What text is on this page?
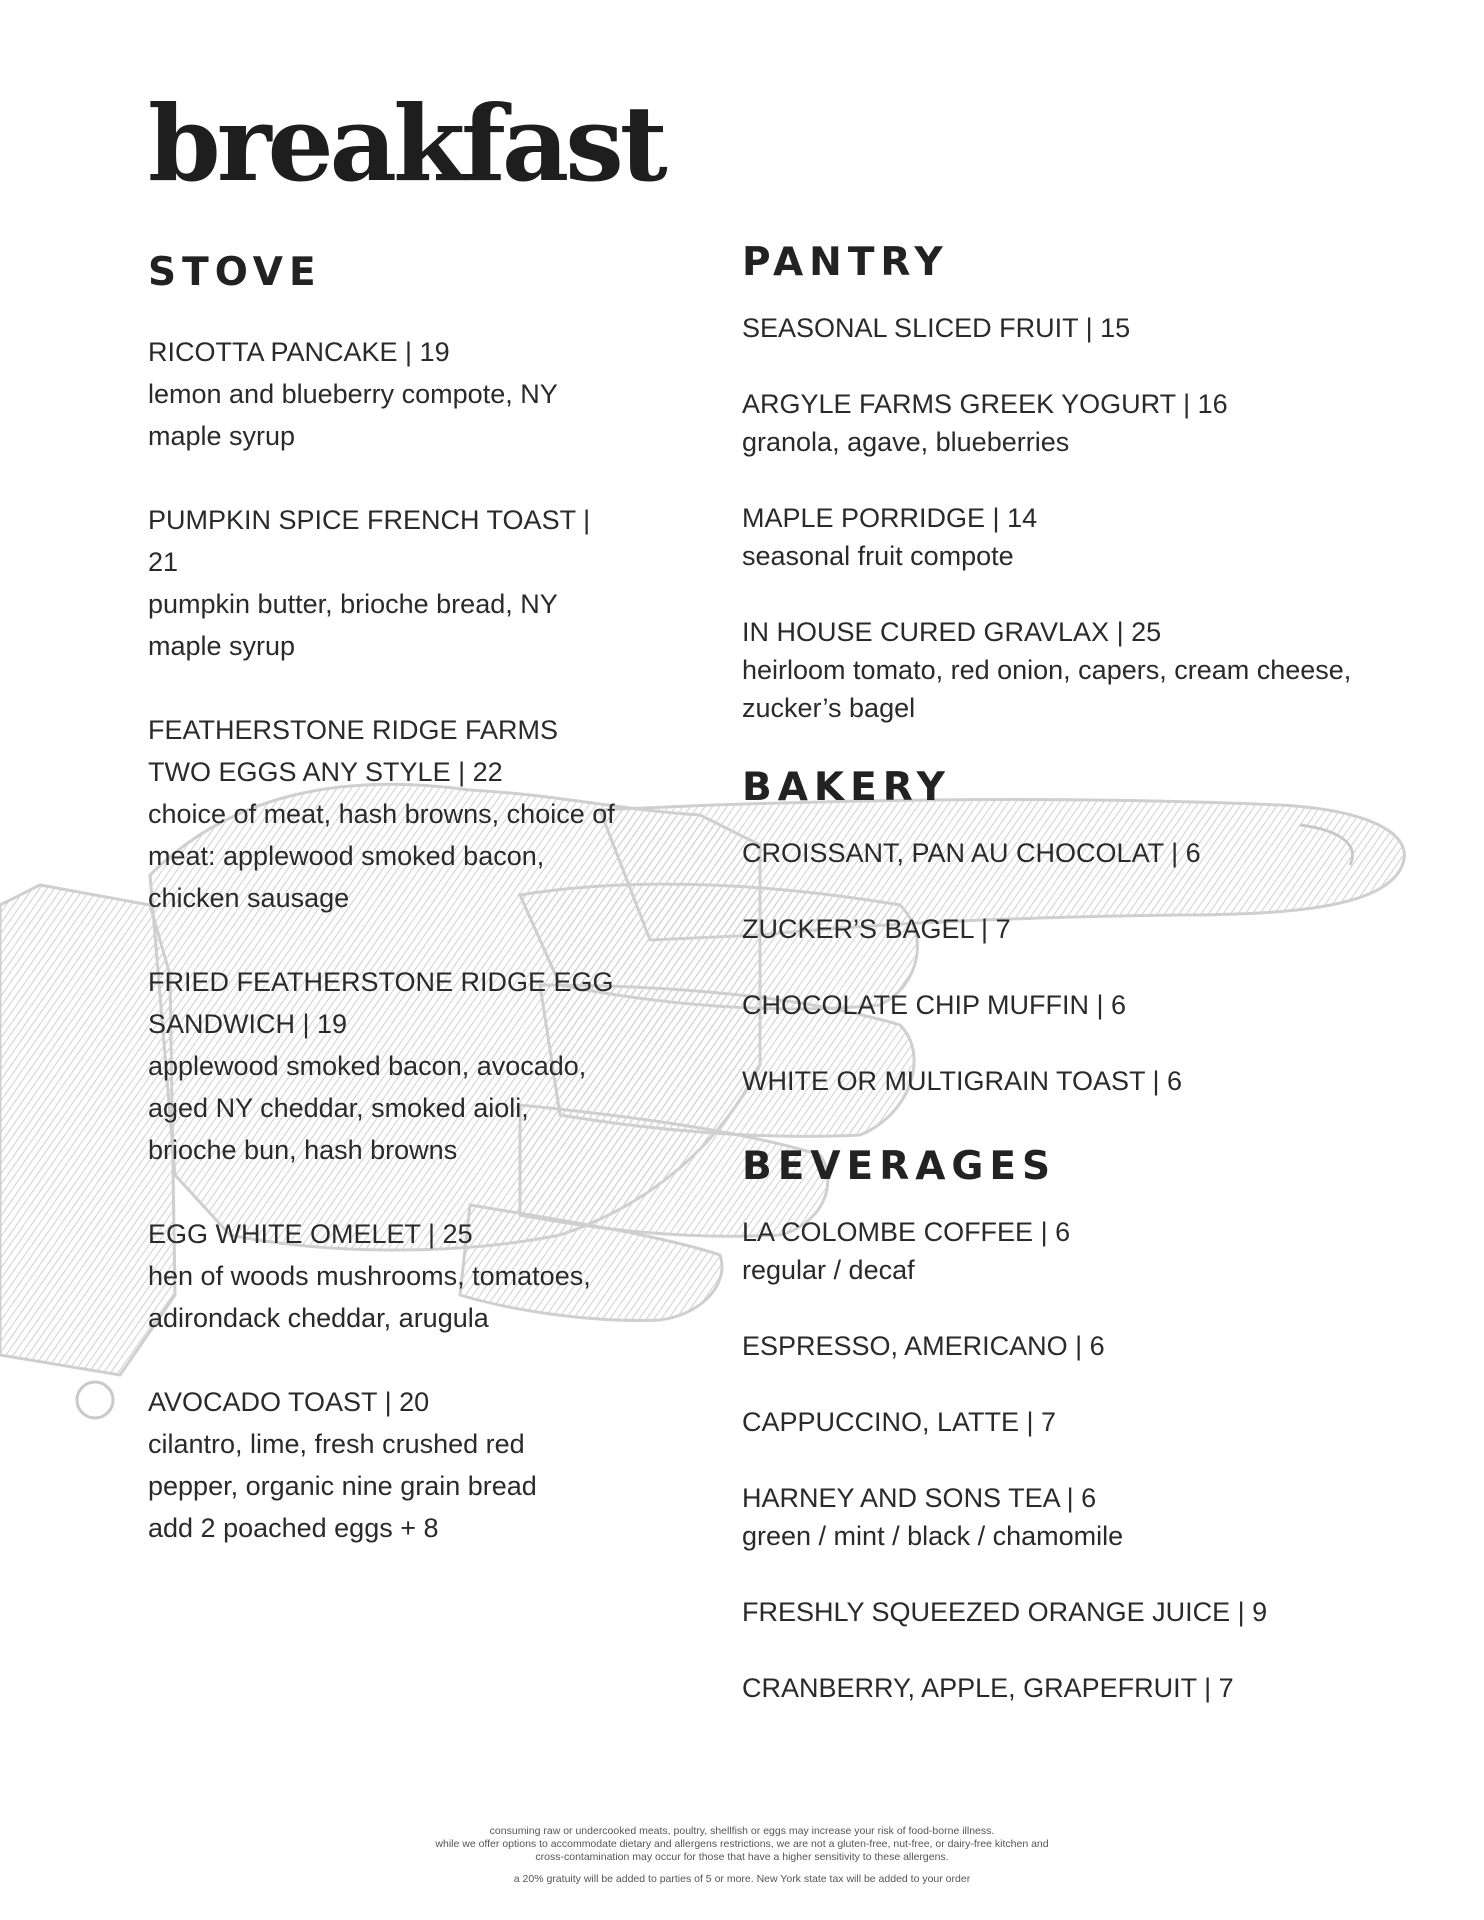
breakfast
STOVE

RICOTTA PANCAKE | 19

lemon and blueberry compote, NY maple syrup

PUMPKIN SPICE FRENCH TOAST | 21

pumpkin butter, brioche bread, NY maple syrup

FEATHERSTONE RIDGE FARMS TWO EGGS ANY STYLE | 22

choice of meat, hash browns, choice of meat: applewood smoked bacon, chicken sausage

FRIED FEATHERSTONE RIDGE EGG SANDWICH | 19

applewood smoked bacon, avocado, aged NY cheddar, smoked aioli, brioche bun, hash browns

EGG WHITE OMELET | 25

hen of woods mushrooms, tomatoes, adirondack cheddar, arugula

AVOCADO TOAST | 20

cilantro, lime, fresh crushed red pepper, organic nine grain bread

add 2 poached eggs + 8

PANTRY

SEASONAL SLICED FRUIT | 15

ARGYLE FARMS GREEK YOGURT | 16

granola, agave, blueberries

MAPLE PORRIDGE | 14

seasonal fruit compote

IN HOUSE CURED GRAVLAX | 25

heirloom tomato, red onion, capers, cream cheese, zucker’s bagel

BAKERY

CROISSANT, PAN AU CHOCOLAT | 6

ZUCKER’S BAGEL | 7

CHOCOLATE CHIP MUFFIN | 6

WHITE OR MULTIGRAIN TOAST | 6

BEVERAGES

LA COLOMBE COFFEE | 6

regular / decaf

ESPRESSO, AMERICANO | 6

CAPPUCCINO, LATTE | 7

HARNEY AND SONS TEA | 6

green / mint / black / chamomile

FRESHLY SQUEEZED ORANGE JUICE | 9

CRANBERRY, APPLE, GRAPEFRUIT | 7

consuming raw or undercooked meats, poultry, shellfish or eggs may increase your risk of food-borne illness.

while we offer options to accommodate dietary and allergens restrictions, we are not a gluten-free, nut-free, or dairy-free kitchen and

cross-contamination may occur for those that have a higher sensitivity to these allergens.

a 20% gratuity will be added to parties of 5 or more. New York state tax will be added to your order
